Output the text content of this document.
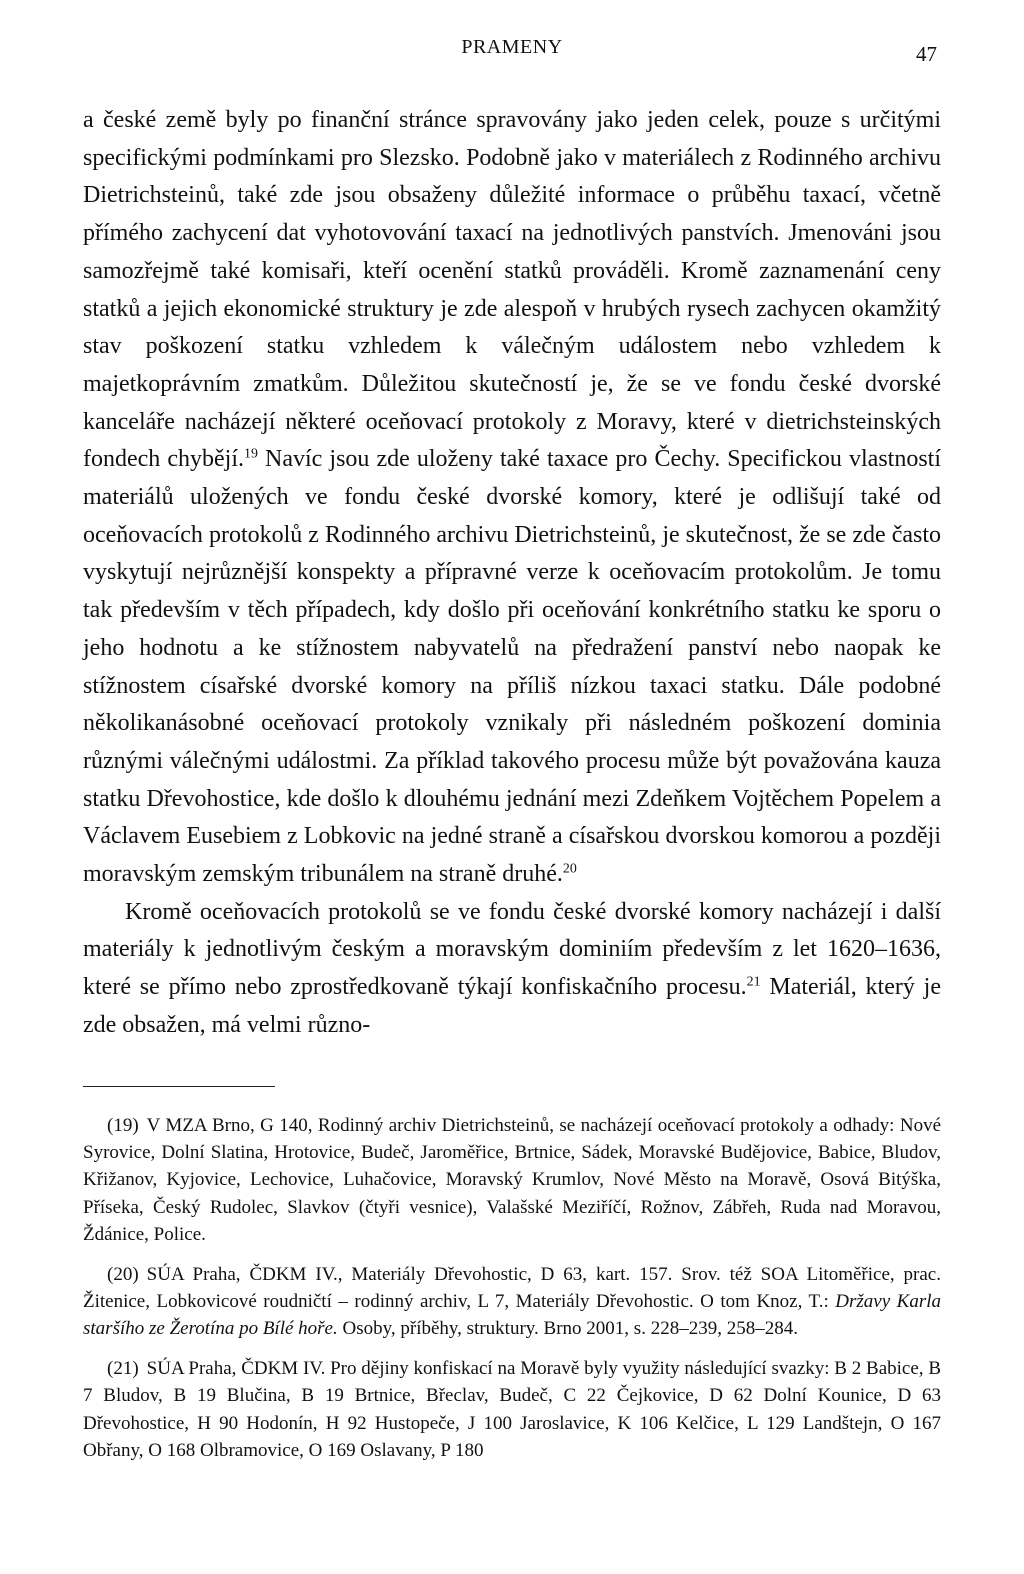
PRAMENY	47

a české země byly po finanční stránce spravovány jako jeden celek, pouze s určitými specifickými podmínkami pro Slezsko. Podobně jako v materiálech z Rodinného archivu Dietrichsteinů, také zde jsou obsaženy důležité informace o průběhu taxací, včetně přímého zachycení dat vyhotovování taxací na jednotlivých panstvích. Jmenováni jsou samozřejmě také komisaři, kteří ocenění statků prováděli. Kromě zaznamenání ceny statků a jejich ekonomické struktury je zde alespoň v hrubých rysech zachycen okamžitý stav poškození statku vzhledem k válečným událostem nebo vzhledem k majetkoprávním zmatkům. Důležitou skutečností je, že se ve fondu české dvorské kanceláře nacházejí některé oceňovací protokoly z Moravy, které v dietrichsteinských fondech chybějí.$^{19}$ Navíc jsou zde uloženy také taxace pro Čechy. Specifickou vlastností materiálů uložených ve fondu české dvorské komory, které je odlišují také od oceňovacích protokolů z Rodinného archivu Dietrichsteinů, je skutečnost, že se zde často vyskytují nejrůznější konspekty a přípravné verze k oceňovacím protokolům. Je tomu tak především v těch případech, kdy došlo při oceňování konkrétního statku ke sporu o jeho hodnotu a ke stížnostem nabyvatelů na předražení panství nebo naopak ke stížnostem císařské dvorské komory na příliš nízkou taxaci statku. Dále podobné několikanásobné oceňovací protokoly vznikaly při následném poškození dominia různými válečnými událostmi. Za příklad takového procesu může být považována kauza statku Dřevohostice, kde došlo k dlouhému jednání mezi Zdeňkem Vojtěchem Popelem a Václavem Eusebiem z Lobkovic na jedné straně a císařskou dvorskou komorou a později moravským zemským tribunálem na straně druhé.$^{20}$

Kromě oceňovacích protokolů se ve fondu české dvorské komory nacházejí i další materiály k jednotlivým českým a moravským dominiím především z let 1620–1636, které se přímo nebo zprostředkovaně týkají konfiskačního procesu.$^{21}$ Materiál, který je zde obsažen, má velmi různo-

(19) V MZA Brno, G 140, Rodinný archiv Dietrichsteinů, se nacházejí oceňovací protokoly a odhady: Nové Syrovice, Dolní Slatina, Hrotovice, Budeč, Jaroměřice, Brtnice, Sádek, Moravské Budějovice, Babice, Bludov, Křižanov, Kyjovice, Lechovice, Luhačovice, Moravský Krumlov, Nové Město na Moravě, Osová Bitýška, Příseka, Český Rudolec, Slavkov (čtyři vesnice), Valašské Meziříčí, Rožnov, Zábřeh, Ruda nad Moravou, Ždánice, Police.

(20) SÚA Praha, ČDKM IV., Materiály Dřevohostic, D 63, kart. 157. Srov. též SOA Litoměřice, prac. Žitenice, Lobkovicové roudničtí – rodinný archiv, L 7, Materiály Dřevohostic. O tom Knoz, T.: Državy Karla staršího ze Žerotína po Bílé hoře. Osoby, příběhy, struktury. Brno 2001, s. 228–239, 258–284.

(21) SÚA Praha, ČDKM IV. Pro dějiny konfiskací na Moravě byly využity následující svazky: B 2 Babice, B 7 Bludov, B 19 Blučina, B 19 Brtnice, Břeclav, Budeč, C 22 Čejkovice, D 62 Dolní Kounice, D 63 Dřevohostice, H 90 Hodonín, H 92 Hustopeče, J 100 Jaroslavice, K 106 Kelčice, L 129 Landštejn, O 167 Obřany, O 168 Olbramovice, O 169 Oslavany, P 180
